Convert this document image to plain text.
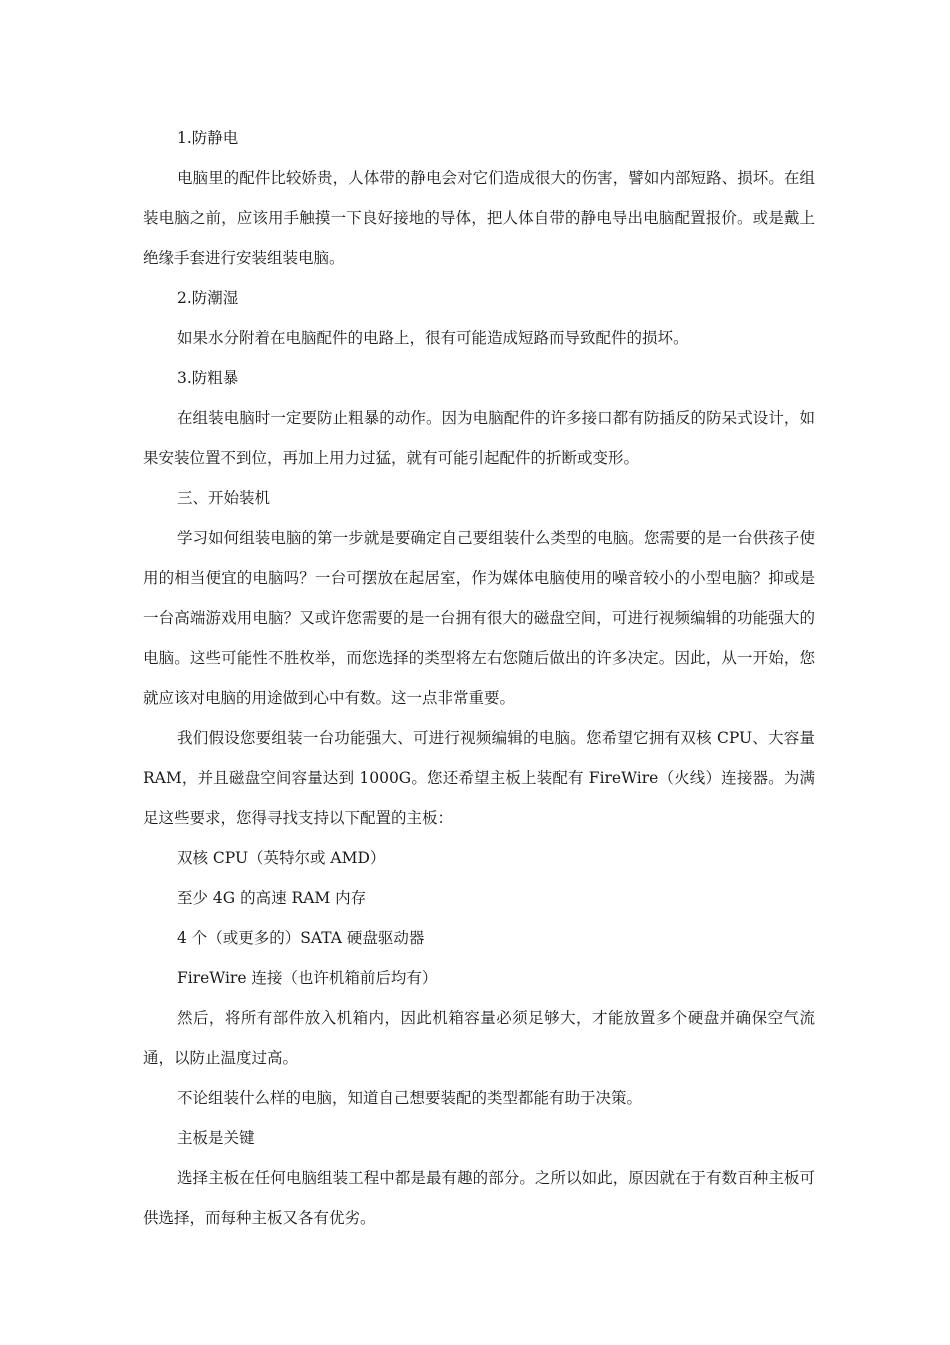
1.防静电

电脑里的配件比较娇贵，人体带的静电会对它们造成很大的伤害，譬如内部短路、损坏。在组装电脑之前，应该用手触摸一下良好接地的导体，把人体自带的静电导出电脑配置报价。或是戴上绝缘手套进行安装组装电脑。

2.防潮湿

如果水分附着在电脑配件的电路上，很有可能造成短路而导致配件的损坏。

3.防粗暴

在组装电脑时一定要防止粗暴的动作。因为电脑配件的许多接口都有防插反的防呆式设计，如果安装位置不到位，再加上用力过猛，就有可能引起配件的折断或变形。

三、开始装机

学习如何组装电脑的第一步就是要确定自己要组装什么类型的电脑。您需要的是一台供孩子使用的相当便宜的电脑吗？一台可摆放在起居室，作为媒体电脑使用的噪音较小的小型电脑？抑或是一台高端游戏用电脑？又或许您需要的是一台拥有很大的磁盘空间，可进行视频编辑的功能强大的电脑。这些可能性不胜枚举，而您选择的类型将左右您随后做出的许多决定。因此，从一开始，您就应该对电脑的用途做到心中有数。这一点非常重要。

我们假设您要组装一台功能强大、可进行视频编辑的电脑。您希望它拥有双核 CPU、大容量 RAM，并且磁盘空间容量达到 1000G。您还希望主板上装配有 FireWire（火线）连接器。为满足这些要求，您得寻找支持以下配置的主板：

双核 CPU（英特尔或 AMD）

至少 4G 的高速 RAM 内存

4 个（或更多的）SATA 硬盘驱动器

FireWire 连接（也许机箱前后均有）

然后，将所有部件放入机箱内，因此机箱容量必须足够大，才能放置多个硬盘并确保空气流通，以防止温度过高。

不论组装什么样的电脑，知道自己想要装配的类型都能有助于决策。

主板是关键

选择主板在任何电脑组装工程中都是最有趣的部分。之所以如此，原因就在于有数百种主板可供选择，而每种主板又各有优劣。
